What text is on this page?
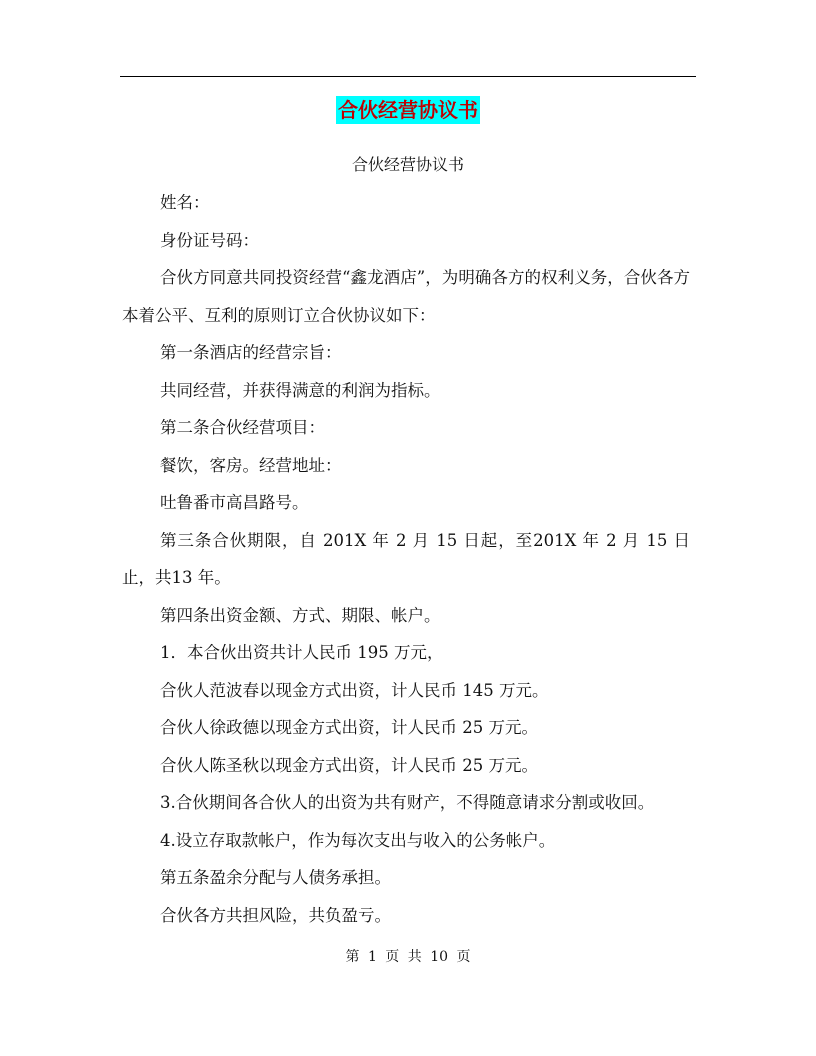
合伙经营协议书
合伙经营协议书

姓名：

身份证号码：

合伙方同意共同投资经营“鑫龙酒店”，为明确各方的权利义务，合伙各方本着公平、互利的原则订立合伙协议如下：

第一条酒店的经营宗旨：

共同经营，并获得满意的利润为指标。

第二条合伙经营项目：

餐饮，客房。经营地址：

吐鲁番市高昌路号。

第三条合伙期限，自 201X 年 2 月 15 日起，至201X 年 2 月 15 日止，共13 年。

第四条出资金额、方式、期限、帐户。

1．本合伙出资共计人民币 195 万元，

合伙人范波春以现金方式出资，计人民币 145 万元。

合伙人徐政德以现金方式出资，计人民币 25 万元。

合伙人陈圣秋以现金方式出资，计人民币 25 万元。

3.合伙期间各合伙人的出资为共有财产，不得随意请求分割或收回。

4.设立存取款帐户，作为每次支出与收入的公务帐户。

第五条盈余分配与人债务承担。

合伙各方共担风险，共负盈亏。

第 1 页 共 10 页
